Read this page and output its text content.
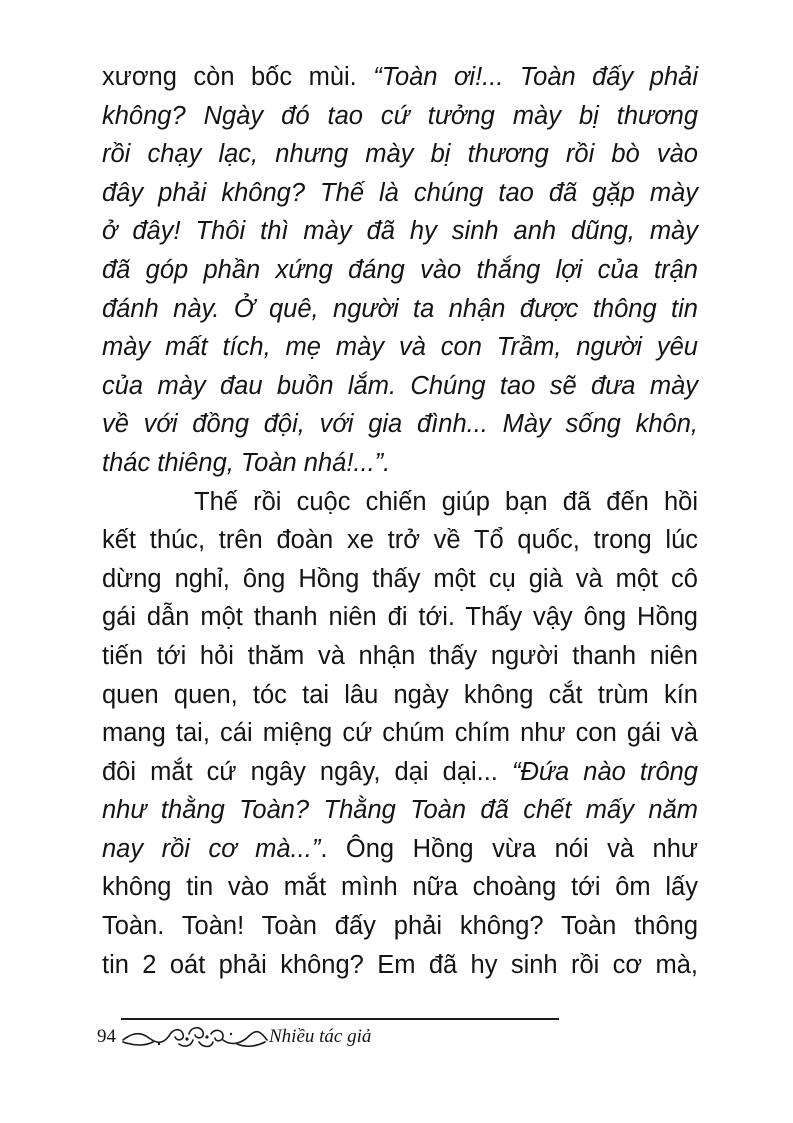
xương còn bốc mùi. “Toàn ơi!... Toàn đấy phải
không? Ngày đó tao cứ tưởng mày bị thương
rồi chạy lạc, nhưng mày bị thương rồi bò vào
đây phải không? Thế là chúng tao đã gặp mày
ở đây! Thôi thì mày đã hy sinh anh dũng, mày
đã góp phần xứng đáng vào thắng lợi của trận
đánh này. Ở quê, người ta nhận được thông tin
mày mất tích, mẹ mày và con Trầm, người yêu
của mày đau buồn lắm. Chúng tao sẽ đưa mày
về với đồng đội, với gia đình... Mày sống khôn,
thác thiêng, Toàn nhá!...”.
Thế rồi cuộc chiến giúp bạn đã đến hồi
kết thúc, trên đoàn xe trở về Tổ quốc, trong lúc
dừng nghỉ, ông Hồng thấy một cụ già và một cô
gái dẫn một thanh niên đi tới. Thấy vậy ông Hồng
tiến tới hỏi thăm và nhận thấy người thanh niên
quen quen, tóc tai lâu ngày không cắt trùm kín
mang tai, cái miệng cứ chúm chím như con gái và
đôi mắt cứ ngây ngây, dại dại... “Đứa nào trông
như thằng Toàn? Thằng Toàn đã chết mấy năm
nay rồi cơ mà...”. Ông Hồng vừa nói và như
không tin vào mắt mình nữa choàng tới ôm lấy
Toàn. Toàn! Toàn đấy phải không? Toàn thông
tin 2 oát phải không? Em đã hy sinh rồi cơ mà,
94	Nhiều tác giả
